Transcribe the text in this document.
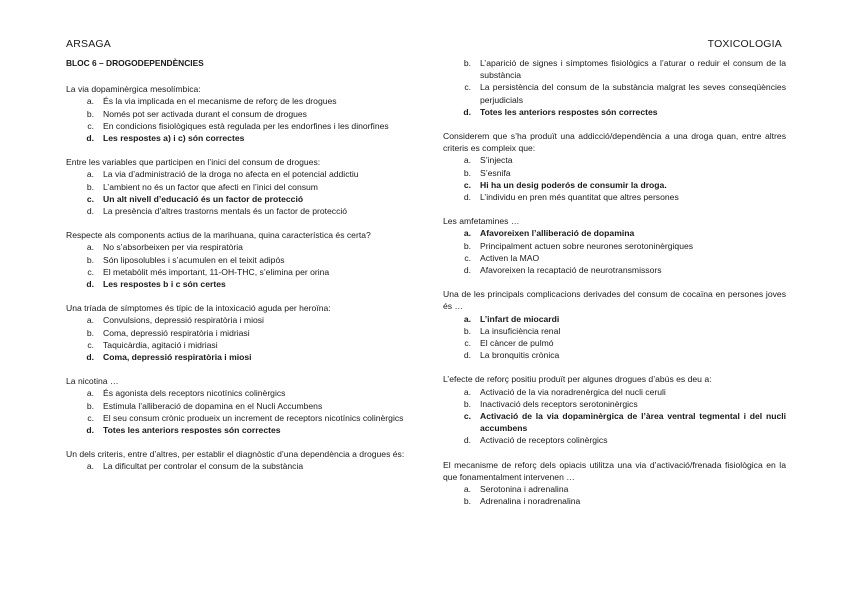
ARSAGA	TOXICOLOGIA
BLOC 6 – DROGODEPENDÈNCIES
La via dopaminèrgica mesolímbica:
a.	És la via implicada en el mecanisme de reforç de les drogues
b.	Només pot ser activada durant el consum de drogues
c.	En condicions fisiològiques està regulada per les endorfines i les dinorfines
d.	Les respostes a) i c) són correctes
Entre les variables que participen en l’inici del consum de drogues:
a.	La via d’administració de la droga no afecta en el potencial addictiu
b.	L’ambient no és un factor que afecti en l’inici del consum
c.	Un alt nivell d’educació és un factor de protecció
d.	La presència d’altres trastorns mentals és un factor de protecció
Respecte als components actius de la marihuana, quina característica és certa?
a.	No s’absorbeixen per via respiratòria
b.	Són liposolubles i s’acumulen en el teixit adipós
c.	El metabòlit més important, 11-OH-THC, s’elimina per orina
d.	Les respostes b i c són certes
Una tríada de símptomes és típic de la intoxicació aguda per heroïna:
a.	Convulsions, depressió respiratòria i miosi
b.	Coma, depressió respiratòria i midriasi
c.	Taquicàrdia, agitació i midriasi
d.	Coma, depressió respiratòria i miosi
La nicotina …
a.	És agonista dels receptors nicotínics colinèrgics
b.	Estimula l’alliberació de dopamina en el Nucli Accumbens
c.	El seu consum crònic produeix un increment de receptors nicotínics colinèrgics
d.	Totes les anteriors respostes són correctes
Un dels criteris, entre d’altres, per establir el diagnòstic d’una dependència a drogues és:
a.	La dificultat per controlar el consum de la substància
b.	L’aparició de signes i símptomes fisiològics a l’aturar o reduir el consum de la substància
c.	La persistència del consum de la substància malgrat les seves conseqüències perjudicials
d.	Totes les anteriors respostes són correctes
Considerem que s’ha produït una addicció/dependència a una droga quan, entre altres criteris es compleix que:
a.	S’injecta
b.	S’esnifa
c.	Hi ha un desig poderós de consumir la droga.
d.	L’individu en pren més quantitat que altres persones
Les amfetamines …
a.	Afavoreixen l’alliberació de dopamina
b.	Principalment actuen sobre neurones serotoninèrgiques
c.	Activen la MAO
d.	Afavoreixen la recaptació de neurotransmissors
Una de les principals complicacions derivades del consum de cocaïna en persones joves és …
a.	L’infart de miocardi
b.	La insuficiència renal
c.	El càncer de pulmó
d.	La bronquitis crònica
L’efecte de reforç positiu produït per algunes drogues d’abús es deu a:
a.	Activació de la via noradrenèrgica del nucli ceruli
b.	Inactivació dels receptors serotoninèrgics
c.	Activació de la via dopaminèrgica de l’àrea ventral tegmental i del nucli accumbens
d.	Activació de receptors colinèrgics
El mecanisme de reforç dels opiacis utilitza una via d’activació/frenada fisiològica en la que fonamentalment intervenen …
a.	Serotonina i adrenalina
b.	Adrenalina i noradrenalina
